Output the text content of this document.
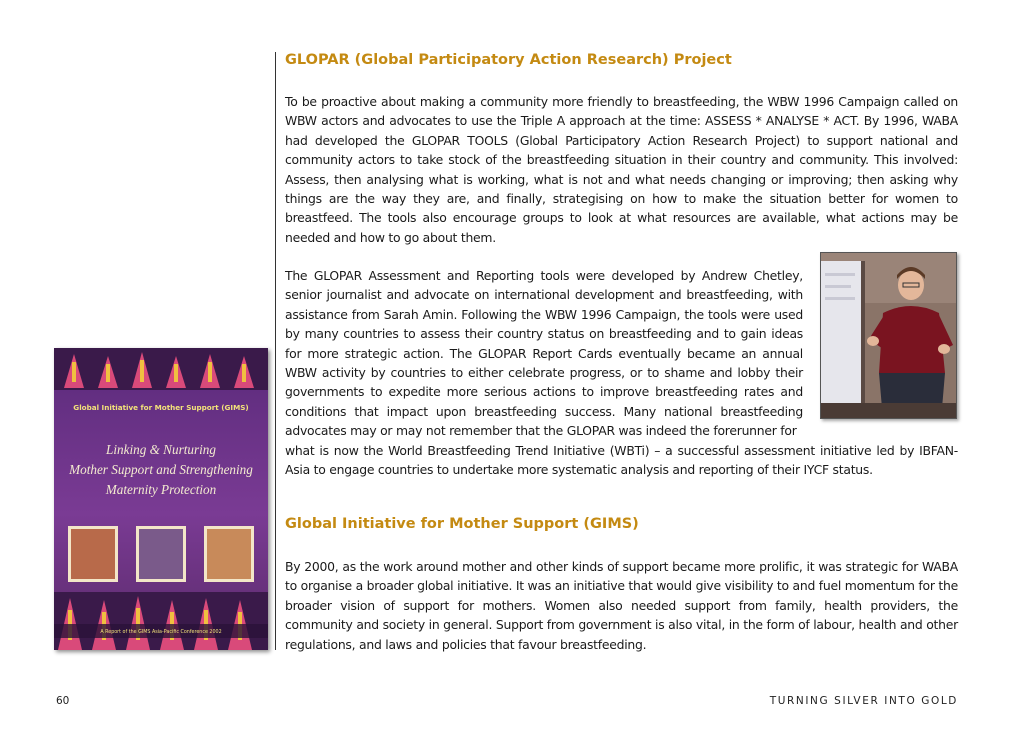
GLOPAR (Global Participatory Action Research) Project

To be proactive about making a community more friendly to breastfeeding, the WBW 1996 Campaign called on WBW actors and advocates to use the Triple A approach at the time: ASSESS * ANALYSE * ACT. By 1996, WABA had developed the GLOPAR TOOLS (Global Participatory Action Research Project) to support national and community actors to take stock of the breastfeeding situation in their country and community. This involved: Assess, then analysing what is working, what is not and what needs changing or improving; then asking why things are the way they are, and finally, strategising on how to make the situation better for women to breastfeed. The tools also encourage groups to look at what resources are available, what actions may be needed and how to go about them.

The GLOPAR Assessment and Reporting tools were developed by Andrew Chetley, senior journalist and advocate on international development and breastfeeding, with assistance from Sarah Amin. Following the WBW 1996 Campaign, the tools were used by many countries to assess their country status on breastfeeding and to gain ideas for more strategic action. The GLOPAR Report Cards eventually became an annual WBW activity by countries to either celebrate progress, or to shame and lobby their governments to expedite more serious actions to improve breastfeeding rates and conditions that impact upon breastfeeding success. Many national breastfeeding advocates may or may not remember that the GLOPAR was indeed the forerunner for

what is now the World Breastfeeding Trend Initiative (WBTi) – a successful assessment initiative led by IBFAN-Asia to engage countries to undertake more systematic analysis and reporting of their IYCF status.

Global Initiative for Mother Support (GIMS)

By 2000, as the work around mother and other kinds of support became more prolific, it was strategic for WABA to organise a broader global initiative. It was an initiative that would give visibility to and fuel momentum for the broader vision of support for mothers. Women also needed support from family, health providers, the community and society in general. Support from government is also vital, in the form of labour, health and other regulations, and laws and policies that favour breastfeeding.

Global Initiative for Mother Support (GIMS)
Linking & Nurturing
Mother Support and Strengthening
Maternity Protection
A Report of the GIMS Asia-Pacific Conference 2002
60	TURNING SILVER INTO GOLD
